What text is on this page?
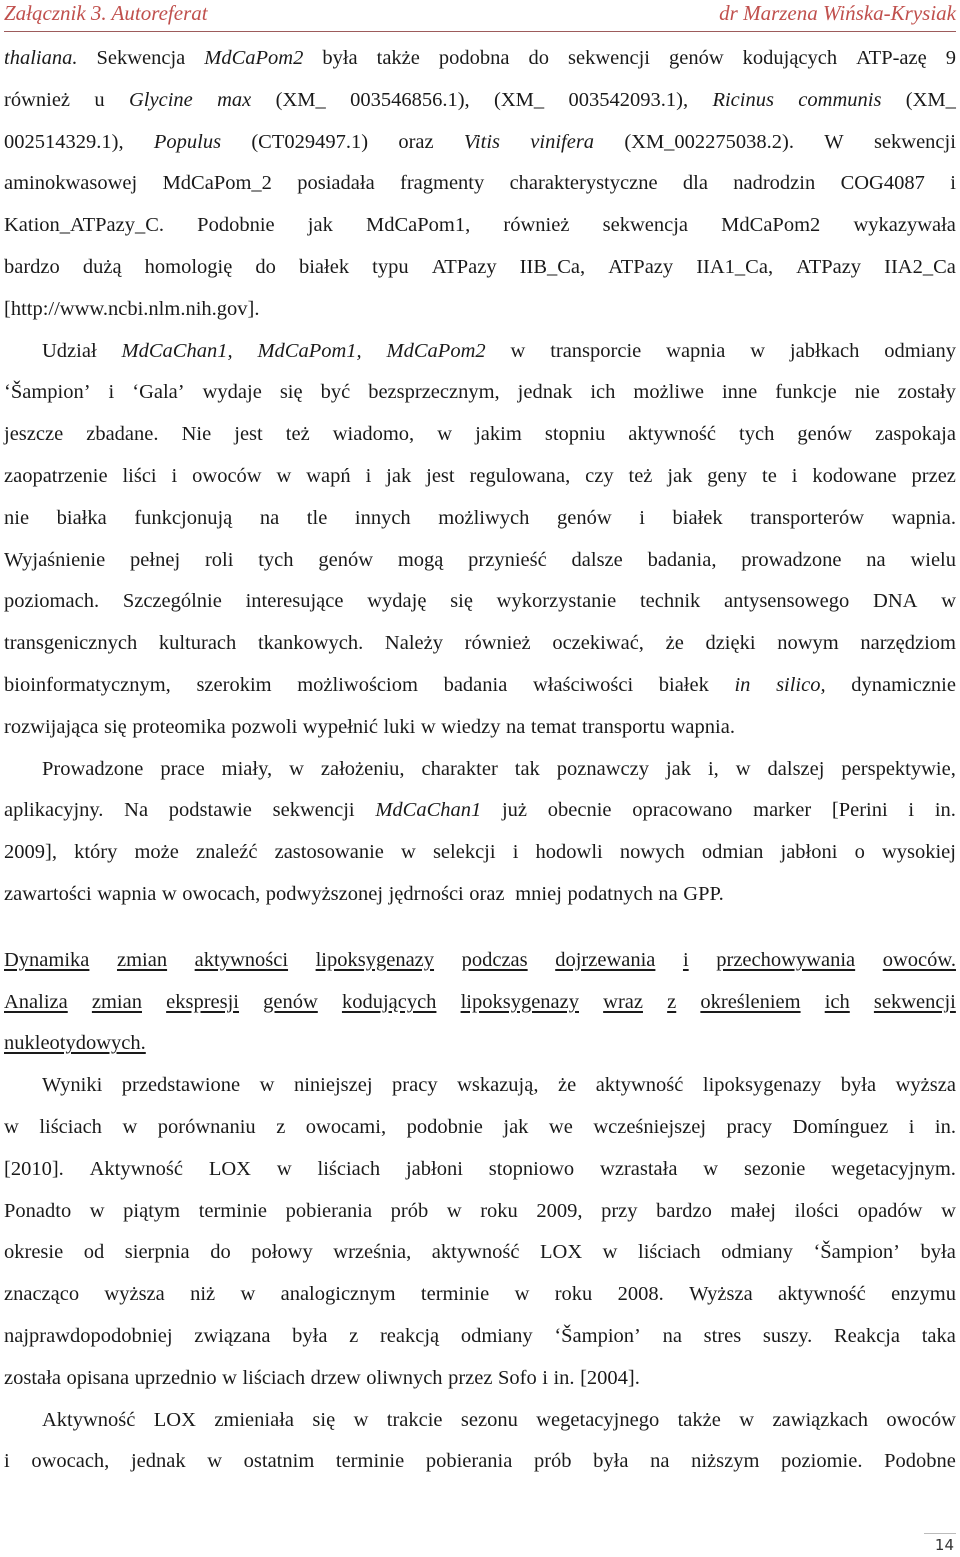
Załącznik 3. Autoreferat	dr Marzena Wińska-Krysiak
thaliana. Sekwencja MdCaPom2 była także podobna do sekwencji genów kodujących ATP-azę 9
również u Glycine max (XM_ 003546856.1), (XM_ 003542093.1), Ricinus communis (XM_
002514329.1), Populus (CT029497.1) oraz Vitis vinifera (XM_002275038.2). W sekwencji
aminokwasowej MdCaPom_2 posiadała fragmenty charakterystyczne dla nadrodzin COG4087 i
Kation_ATPazy_C. Podobnie jak MdCaPom1, również sekwencja MdCaPom2 wykazywała
bardzo dużą homologię do białek typu ATPazy IIB_Ca, ATPazy IIA1_Ca, ATPazy IIA2_Ca
[http://www.ncbi.nlm.nih.gov].
Udział MdCaChan1, MdCaPom1, MdCaPom2 w transporcie wapnia w jabłkach odmiany
‘Šampion’ i ‘Gala’ wydaje się być bezsprzecznym, jednak ich możliwe inne funkcje nie zostały
jeszcze zbadane. Nie jest też wiadomo, w jakim stopniu aktywność tych genów zaspokaja
zaopatrzenie liści i owoców w wapń i jak jest regulowana, czy też jak geny te i kodowane przez
nie białka funkcjonują na tle innych możliwych genów i białek transporterów wapnia.
Wyjaśnienie pełnej roli tych genów mogą przynieść dalsze badania, prowadzone na wielu
poziomach. Szczególnie interesujące wydaję się wykorzystanie technik antysensowego DNA w
transgenicznych kulturach tkankowych. Należy również oczekiwać, że dzięki nowym narzędziom
bioinformatycznym, szerokim możliwościom badania właściwości białek in silico, dynamicznie
rozwijająca się proteomika pozwoli wypełnić luki w wiedzy na temat transportu wapnia.
Prowadzone prace miały, w założeniu, charakter tak poznawczy jak i, w dalszej perspektywie,
aplikacyjny. Na podstawie sekwencji MdCaChan1 już obecnie opracowano marker [Perini i in.
2009], który może znaleźć zastosowanie w selekcji i hodowli nowych odmian jabłoni o wysokiej
zawartości wapnia w owocach, podwyższonej jędrności oraz mniej podatnych na GPP.
Dynamika zmian aktywności lipoksygenazy podczas dojrzewania i przechowywania owoców.
Analiza zmian ekspresji genów kodujących lipoksygenazy wraz z określeniem ich sekwencji
nukleotydowych.
Wyniki przedstawione w niniejszej pracy wskazują, że aktywność lipoksygenazy była wyższa
w liściach w porównaniu z owocami, podobnie jak we wcześniejszej pracy Domínguez i in.
[2010]. Aktywność LOX w liściach jabłoni stopniowo wzrastała w sezonie wegetacyjnym.
Ponadto w piątym terminie pobierania prób w roku 2009, przy bardzo małej ilości opadów w
okresie od sierpnia do połowy września, aktywność LOX w liściach odmiany ‘Šampion’ była
znacząco wyższa niż w analogicznym terminie w roku 2008. Wyższa aktywność enzymu
najprawdopodobniej związana była z reakcją odmiany ‘Šampion’ na stres suszy. Reakcja taka
została opisana uprzednio w liściach drzew oliwnych przez Sofo i in. [2004].
Aktywność LOX zmieniała się w trakcie sezonu wegetacyjnego także w zawiązkach owoców
i owocach, jednak w ostatnim terminie pobierania prób była na niższym poziomie. Podobne
14
